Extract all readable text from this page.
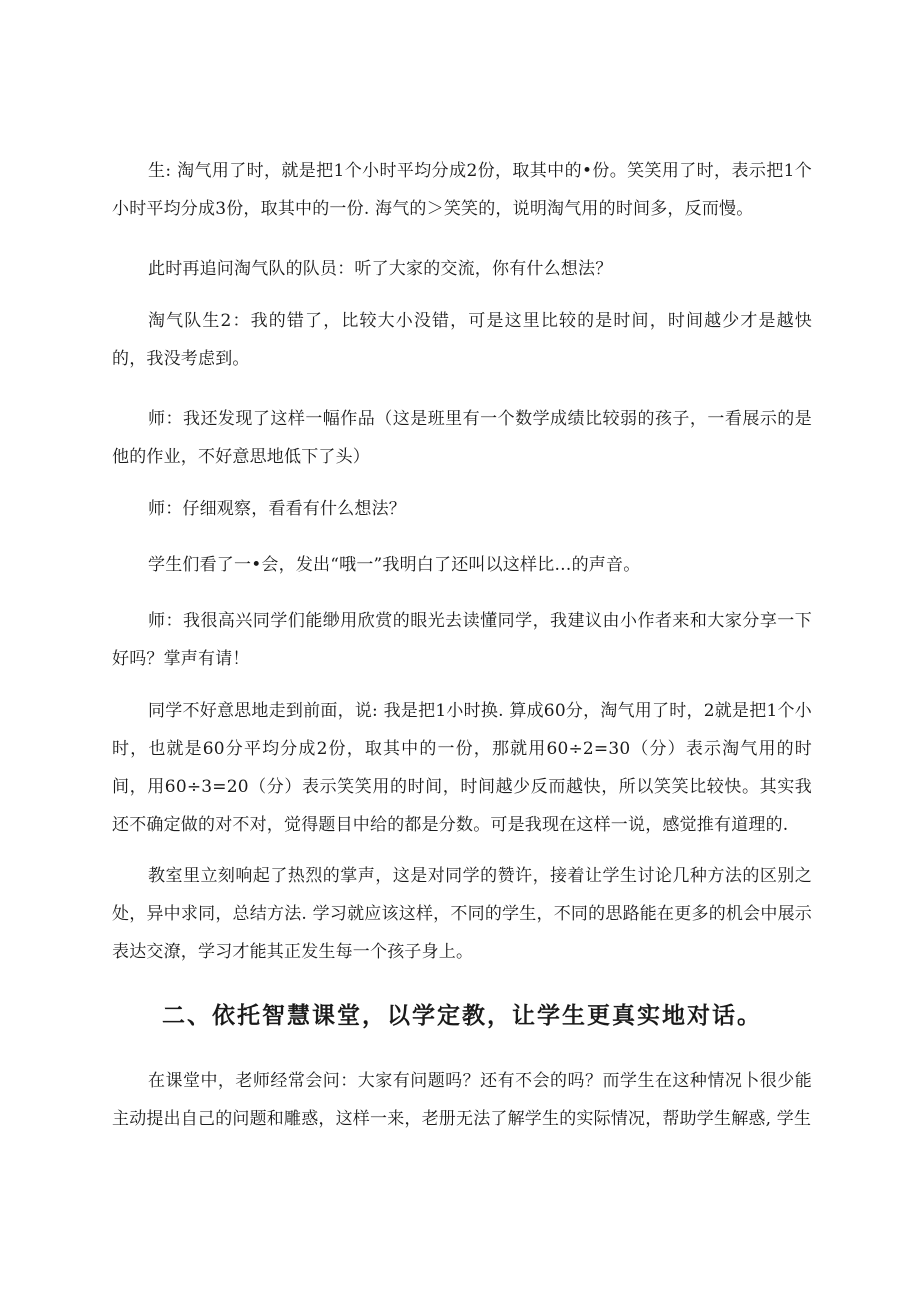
生: 淘气用了时，就是把1个小时平均分成2份，取其中的•份。笑笑用了时，表示把1个小时平均分成3份，取其中的一份. 海气的＞笑笑的，说明淘气用的时间多，反而慢。

此时再追问淘气队的队员：听了大家的交流，你有什么想法？

淘气队生2：我的错了，比较大小没错，可是这里比较的是时间，时间越少才是越快的，我没考虑到。

师：我还发现了这样一幅作品（这是班里有一个数学成绩比较弱的孩子，一看展示的是他的作业，不好意思地低下了头）

师：仔细观察，看看有什么想法？

学生们看了一•会，发出“哦一”我明白了还叫以这样比…的声音。

师：我很高兴同学们能缈用欣赏的眼光去读懂同学，我建议由小作者来和大家分享一下好吗？掌声有请！

同学不好意思地走到前面，说: 我是把1小时换. 算成60分，淘气用了时，2就是把1个小时，也就是60分平均分成2份，取其中的一份，那就用60÷2=30（分）表示淘气用的时间，用60÷3=20（分）表示笑笑用的时间，时间越少反而越快，所以笑笑比较快。其实我还不确定做的对不对，觉得题目中给的都是分数。可是我现在这样一说，感觉推有道理的.

教室里立刻响起了热烈的掌声，这是对同学的赞许，接着让学生讨论几种方法的区别之处，异中求同，总结方法. 学习就应该这样，不同的学生，不同的思路能在更多的机会中展示表达交潦，学习才能其正发生每一个孩子身上。

二、依托智慧课堂，以学定教，让学生更真实地对话。

在课堂中，老师经常会问：大家有问题吗？还有不会的吗？而学生在这种情况卜很少能主动提出自己的问题和雕惑，这样一来，老册无法了解学生的实际情况，帮助学生解惑, 学生
